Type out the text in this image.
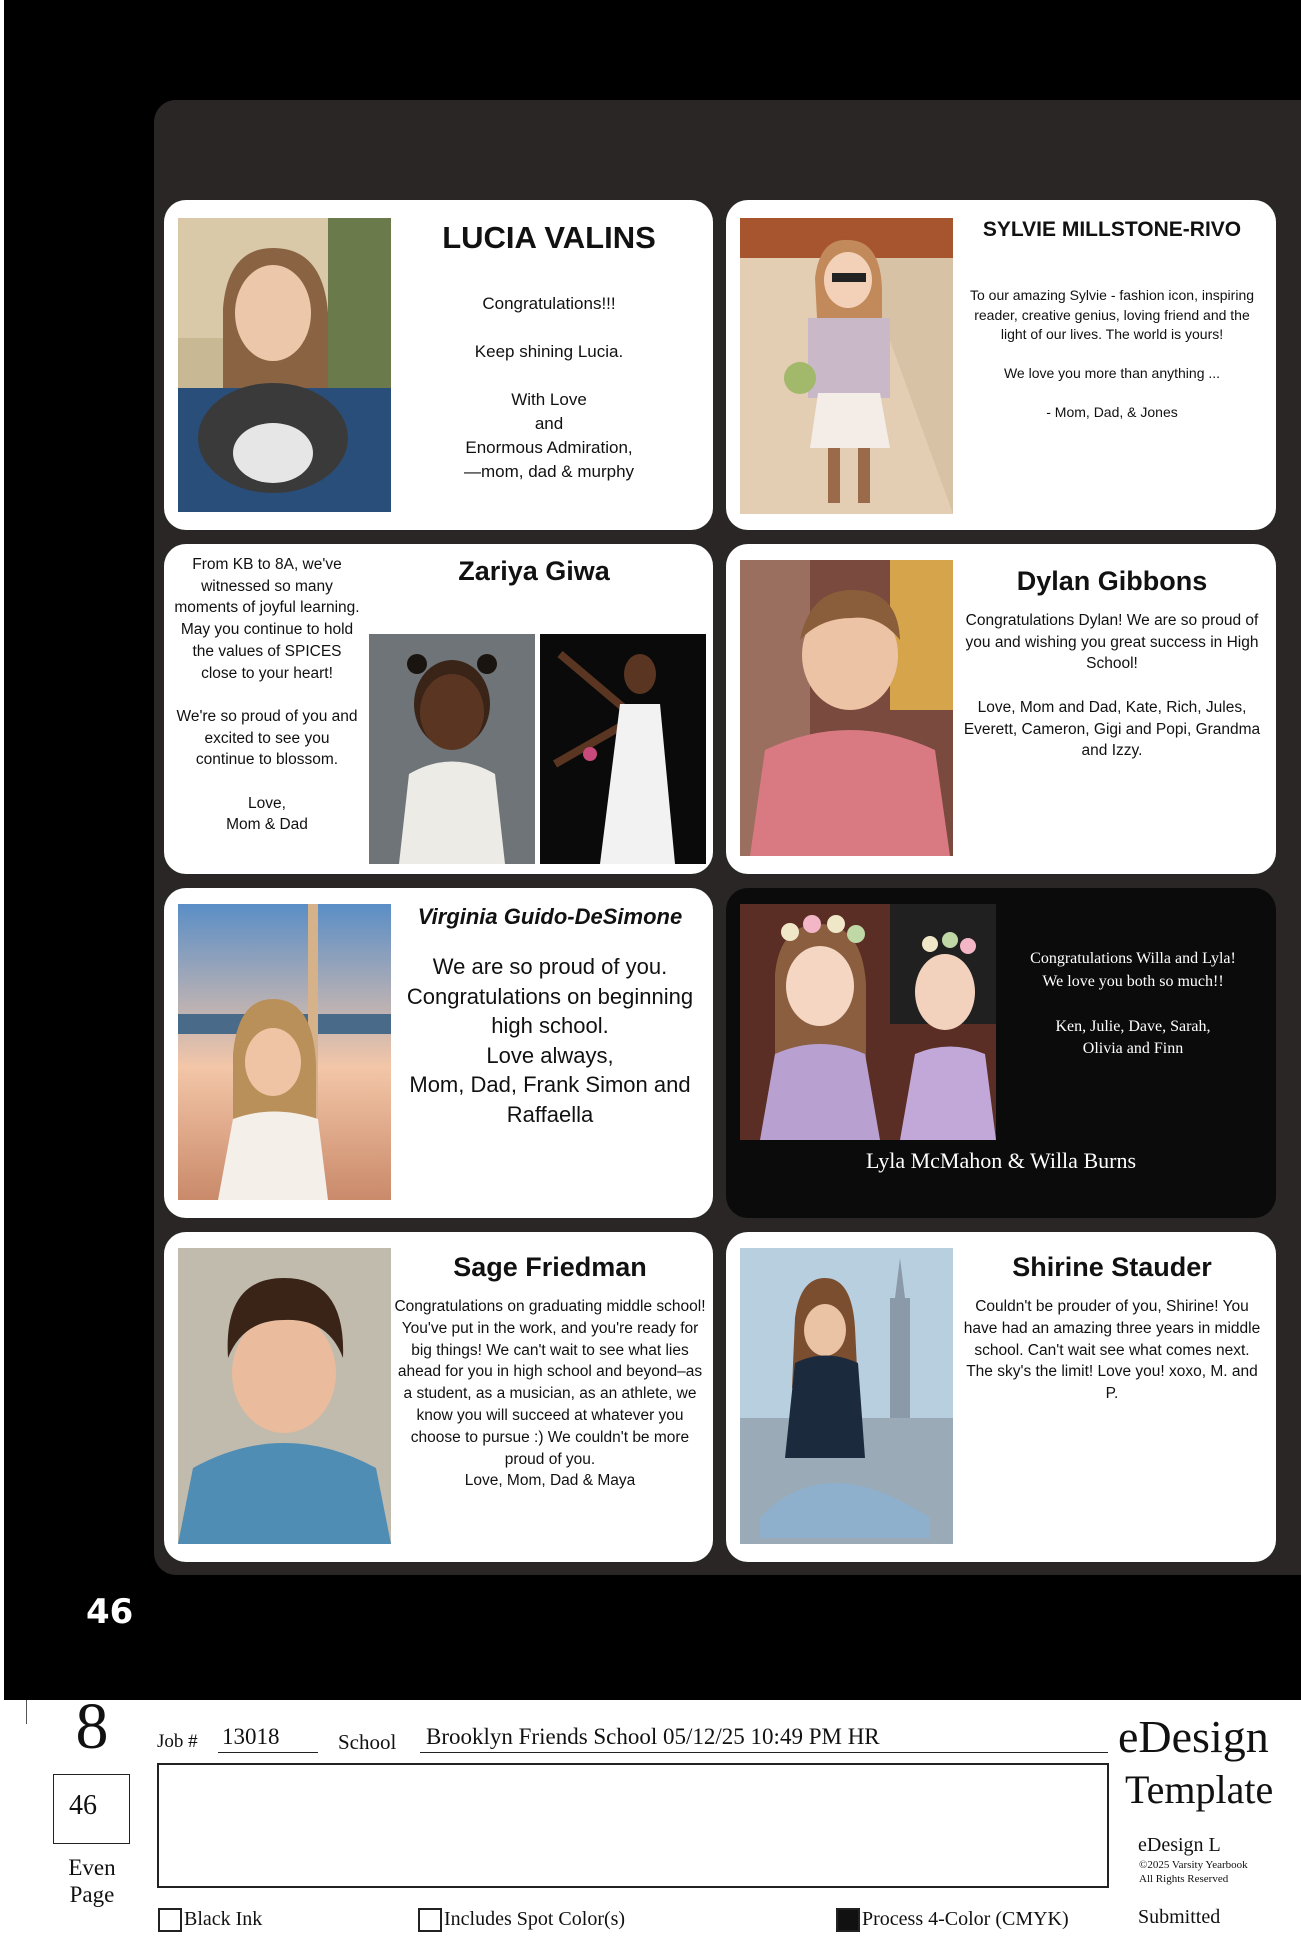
LUCIA VALINS
Congratulations!!!

Keep shining Lucia.

With Love
and
Enormous Admiration,
—mom, dad & murphy
SYLVIE MILLSTONE-RIVO
To our amazing Sylvie - fashion icon, inspiring reader, creative genius, loving friend and the light of our lives. The world is yours!

We love you more than anything ...

- Mom, Dad, & Jones
From KB to 8A, we've witnessed so many moments of joyful learning. May you continue to hold the values of SPICES close to your heart!

We're so proud of you and excited to see you continue to blossom.

Love,
Mom & Dad
Zariya Giwa	Dylan Gibbons
Congratulations Dylan! We are so proud of you and wishing you great success in High School!

Love, Mom and Dad, Kate, Rich, Jules, Everett, Cameron, Gigi and Popi, Grandma and Izzy.
Virginia Guido-DeSimone
We are so proud of you.
Congratulations on beginning high school.
Love always,
Mom, Dad, Frank Simon and Raffaella
Congratulations Willa and Lyla!
We love you both so much!!

Ken, Julie, Dave, Sarah,
Olivia and Finn
Lyla McMahon & Willa Burns
Sage Friedman
Congratulations on graduating middle school! You've put in the work, and you're ready for big things! We can't wait to see what lies ahead for you in high school and beyond–as a student, as a musician, as an athlete, we know you will succeed at whatever you choose to pursue :) We couldn't be more proud of you.
Love, Mom, Dad & Maya
Shirine Stauder
Couldn't be prouder of you, Shirine! You have had an amazing three years in middle school. Can't wait see what comes next. The sky's the limit! Love you! xoxo, M. and P.
46
8
46
Even
Page
Job # 13018	School Brooklyn Friends School 05/12/25 10:49 PM HR	eDesign
Template
eDesign L
©2025 Varsity Yearbook
All Rights Reserved
Black Ink	Includes Spot Color(s)	Process 4-Color (CMYK)	Submitted
